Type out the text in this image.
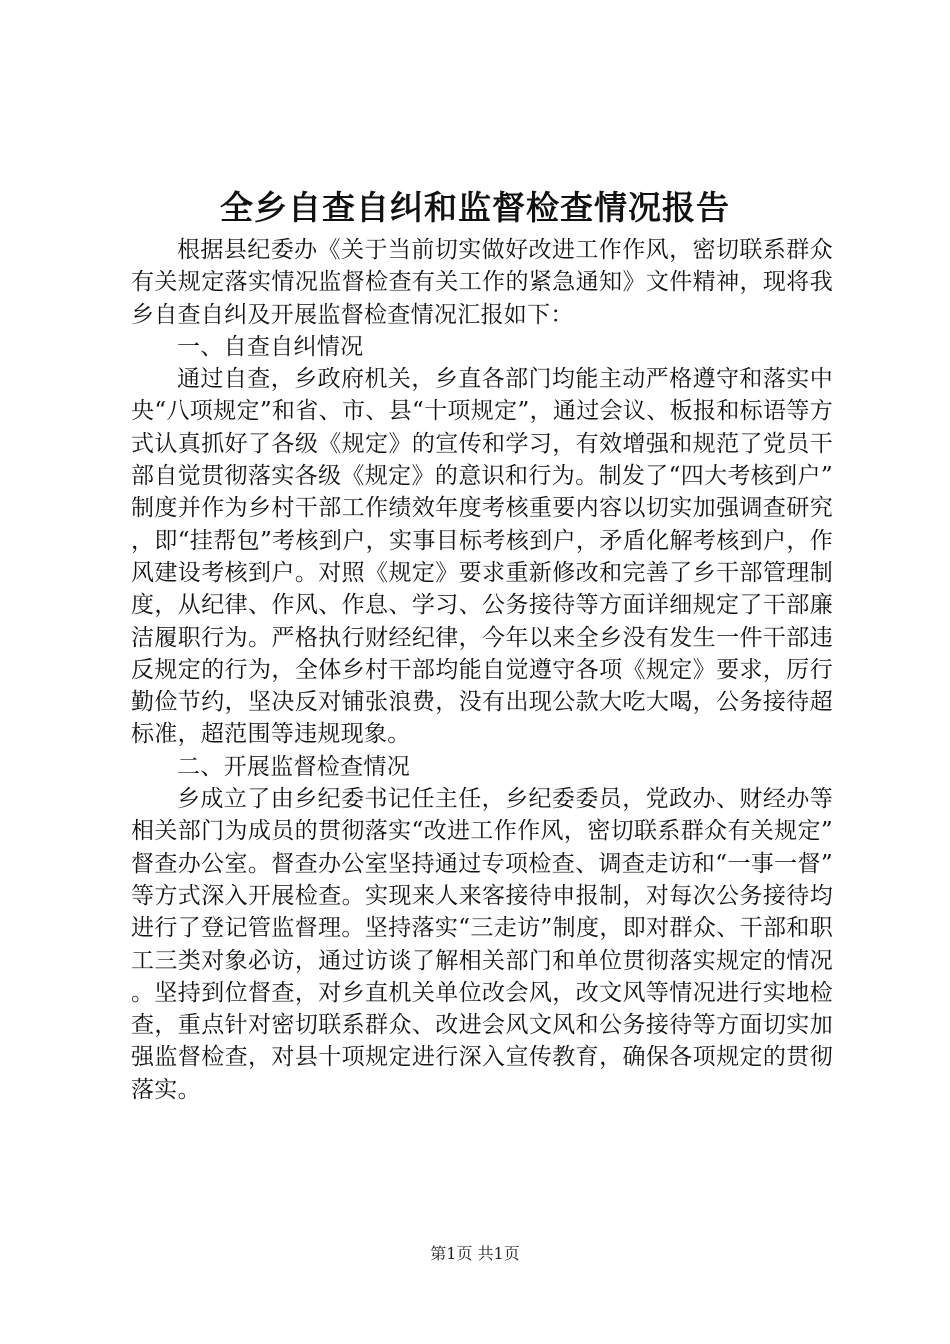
全乡自查自纠和监督检查情况报告

根据县纪委办《关于当前切实做好改进工作作风，密切联系群众有关规定落实情况监督检查有关工作的紧急通知》文件精神，现将我乡自查自纠及开展监督检查情况汇报如下：

一、自查自纠情况

通过自查，乡政府机关，乡直各部门均能主动严格遵守和落实中央“八项规定”和省、市、县“十项规定”，通过会议、板报和标语等方式认真抓好了各级《规定》的宣传和学习，有效增强和规范了党员干部自觉贯彻落实各级《规定》的意识和行为。制发了“四大考核到户”制度并作为乡村干部工作绩效年度考核重要内容以切实加强调查研究，即“挂帮包”考核到户，实事目标考核到户，矛盾化解考核到户，作风建设考核到户。对照《规定》要求重新修改和完善了乡干部管理制度，从纪律、作风、作息、学习、公务接待等方面详细规定了干部廉洁履职行为。严格执行财经纪律，今年以来全乡没有发生一件干部违反规定的行为，全体乡村干部均能自觉遵守各项《规定》要求，厉行勤俭节约，坚决反对铺张浪费，没有出现公款大吃大喝，公务接待超标准，超范围等违规现象。

二、开展监督检查情况

乡成立了由乡纪委书记任主任，乡纪委委员，党政办、财经办等相关部门为成员的贯彻落实“改进工作作风，密切联系群众有关规定”督查办公室。督查办公室坚持通过专项检查、调查走访和“一事一督”等方式深入开展检查。实现来人来客接待申报制，对每次公务接待均进行了登记管监督理。坚持落实“三走访”制度，即对群众、干部和职工三类对象必访，通过访谈了解相关部门和单位贯彻落实规定的情况。坚持到位督查，对乡直机关单位改会风，改文风等情况进行实地检查，重点针对密切联系群众、改进会风文风和公务接待等方面切实加强监督检查，对县十项规定进行深入宣传教育，确保各项规定的贯彻落实。

第1页 共1页
